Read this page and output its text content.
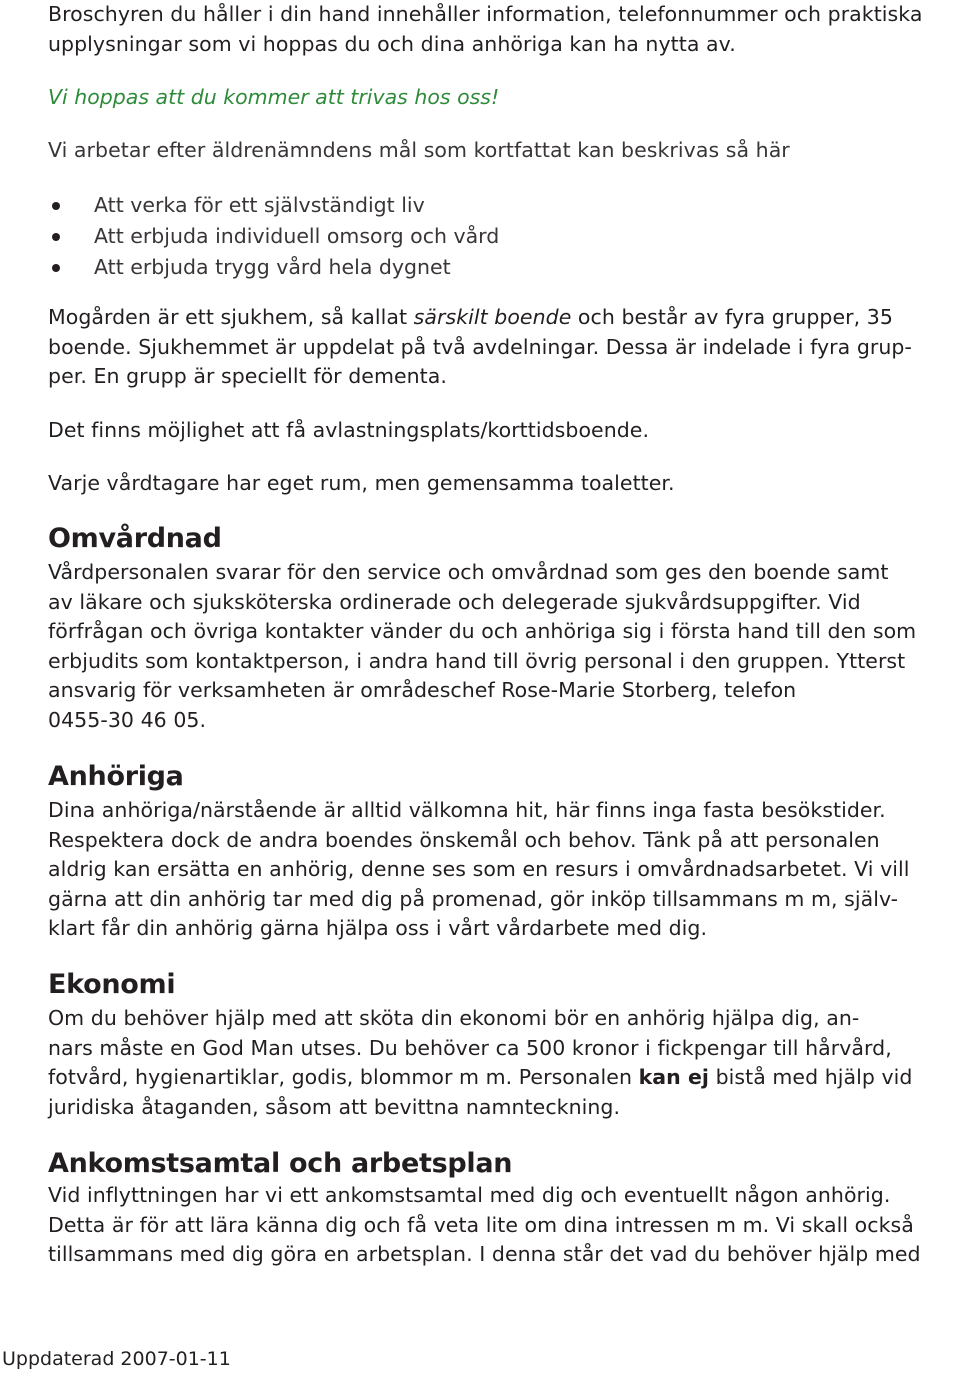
Broschyren du håller i din hand innehåller information, telefonnummer och praktiska
upplysningar som vi hoppas du och dina anhöriga kan ha nytta av.

Vi hoppas att du kommer att trivas hos oss!

Vi arbetar efter äldrenämndens mål som kortfattat kan beskrivas så här

Att verka för ett självständigt liv
Att erbjuda individuell omsorg och vård
Att erbjuda trygg vård hela dygnet

Mogården är ett sjukhem, så kallat särskilt boende och består av fyra grupper, 35
boende. Sjukhemmet är uppdelat på två avdelningar. Dessa är indelade i fyra grup-
per. En grupp är speciellt för dementa.

Det finns möjlighet att få avlastningsplats/korttidsboende.

Varje vårdtagare har eget rum, men gemensamma toaletter.

Omvårdnad

Vårdpersonalen svarar för den service och omvårdnad som ges den boende samt
av läkare och sjuksköterska ordinerade och delegerade sjukvårdsuppgifter. Vid
förfrågan och övriga kontakter vänder du och anhöriga sig i första hand till den som
erbjudits som kontaktperson, i andra hand till övrig personal i den gruppen. Ytterst
ansvarig för verksamheten är områdeschef Rose-Marie Storberg, telefon
0455-30 46 05.

Anhöriga

Dina anhöriga/närstående är alltid välkomna hit, här finns inga fasta besökstider.
Respektera dock de andra boendes önskemål och behov. Tänk på att personalen
aldrig kan ersätta en anhörig, denne ses som en resurs i omvårdnadsarbetet. Vi vill
gärna att din anhörig tar med dig på promenad, gör inköp tillsammans m m, själv-
klart får din anhörig gärna hjälpa oss i vårt vårdarbete med dig.

Ekonomi

Om du behöver hjälp med att sköta din ekonomi bör en anhörig hjälpa dig, an-
nars måste en God Man utses. Du behöver ca 500 kronor i fickpengar till hårvård,
fotvård, hygienartiklar, godis, blommor m m. Personalen kan ej bistå med hjälp vid
juridiska åtaganden, såsom att bevittna namnteckning.

Ankomstsamtal och arbetsplan

Vid inflyttningen har vi ett ankomstsamtal med dig och eventuellt någon anhörig.
Detta är för att lära känna dig och få veta lite om dina intressen m m. Vi skall också
tillsammans med dig göra en arbetsplan. I denna står det vad du behöver hjälp med

Uppdaterad 2007-01-11
